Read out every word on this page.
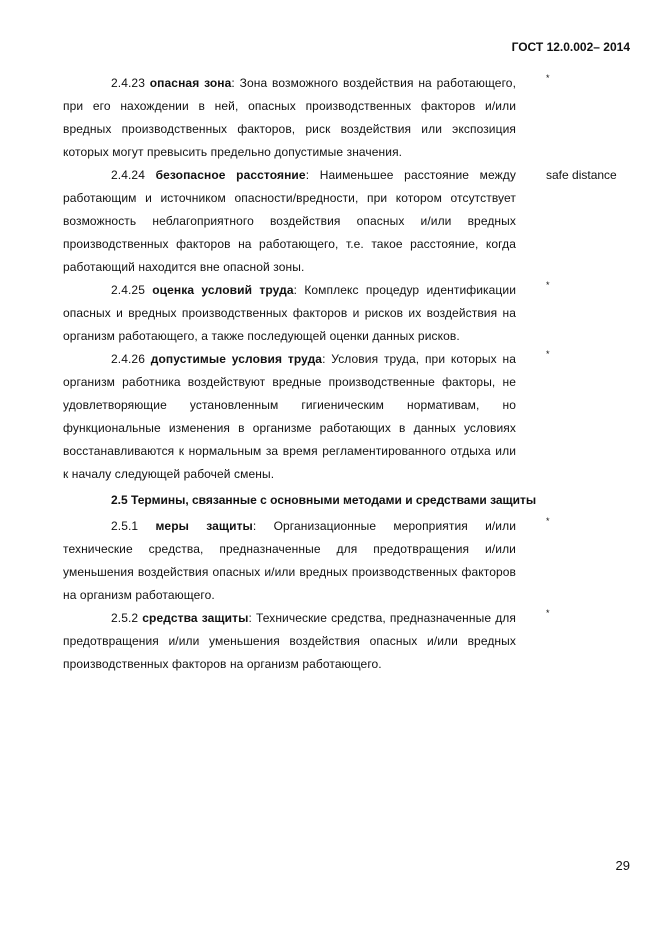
ГОСТ 12.0.002– 2014
2.4.23 опасная зона: Зона возможного воздействия на работающего, при его нахождении в ней, опасных производственных факторов и/или вредных производственных факторов, риск воздействия или экспозиция которых могут превысить предельно допустимые значения.
*
2.4.24 безопасное расстояние: Наименьшее расстояние между работающим и источником опасности/вредности, при котором отсутствует возможность неблагоприятного воздействия опасных и/или вредных производственных факторов на работающего, т.е. такое расстояние, когда работающий находится вне опасной зоны.
safe distance
2.4.25 оценка условий труда: Комплекс процедур идентификации опасных и вредных производственных факторов и рисков их воздействия на организм работающего, а также последующей оценки данных рисков.
*
2.4.26 допустимые условия труда: Условия труда, при которых на организм работника воздействуют вредные производственные факторы, не удовлетворяющие установленным гигиеническим нормативам, но функциональные изменения в организме работающих в данных условиях восстанавливаются к нормальным за время регламентированного отдыха или к началу следующей рабочей смены.
*
2.5 Термины, связанные с основными методами и средствами защиты
2.5.1 меры защиты: Организационные мероприятия и/или технические средства, предназначенные для предотвращения и/или уменьшения воздействия опасных и/или вредных производственных факторов на организм работающего.
*
2.5.2 средства защиты: Технические средства, предназначенные для предотвращения и/или уменьшения воздействия опасных и/или вредных производственных факторов на организм работающего.
*
29
